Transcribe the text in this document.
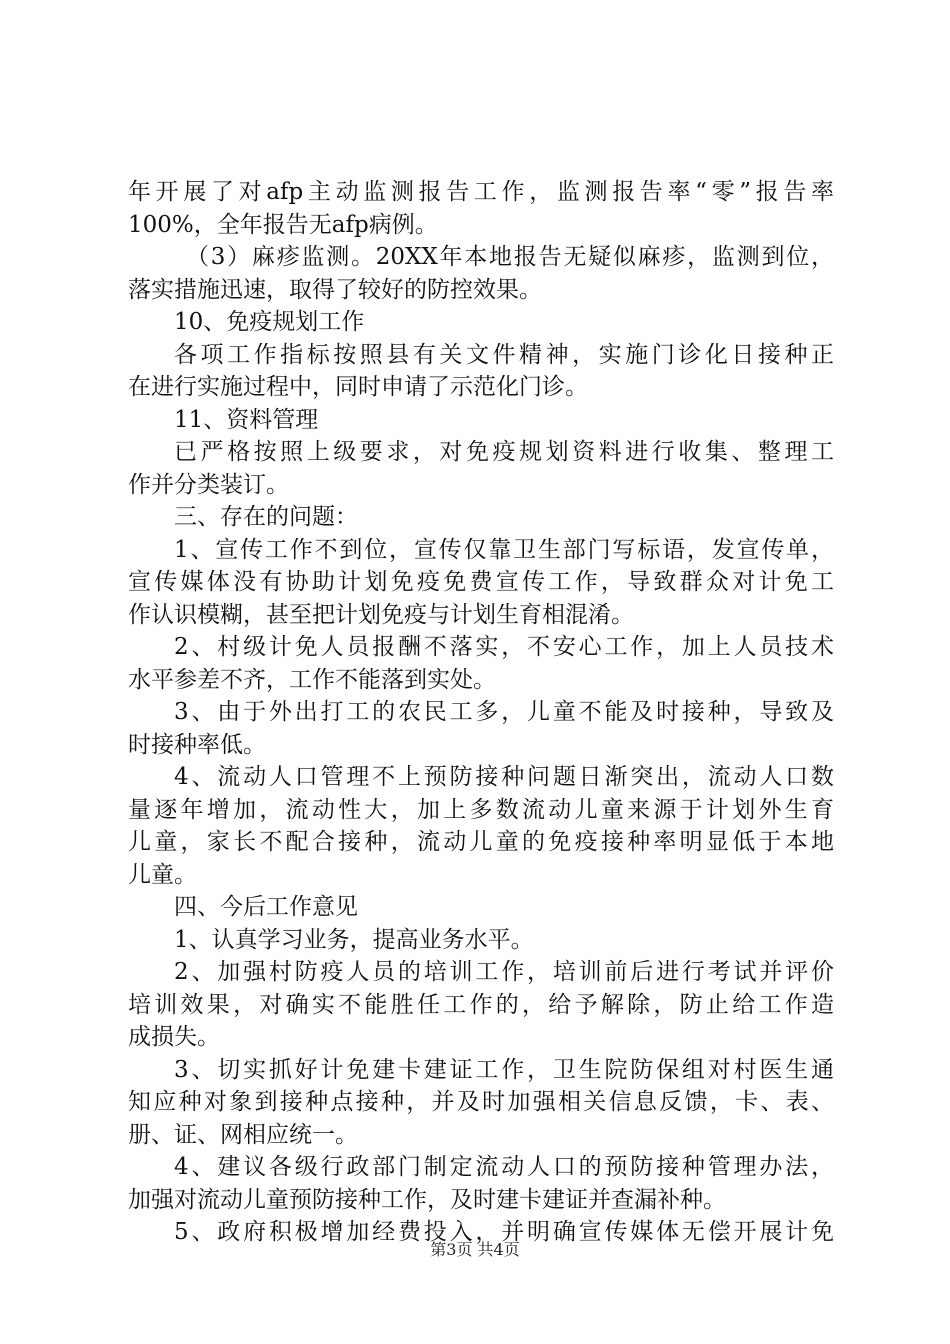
年开展了对afp主动监测报告工作，监测报告率“零”报告率
100%，全年报告无afp病例。
（3）麻疹监测。20XX年本地报告无疑似麻疹，监测到位，
落实措施迅速，取得了较好的防控效果。
10、免疫规划工作
各项工作指标按照县有关文件精神，实施门诊化日接种正
在进行实施过程中，同时申请了示范化门诊。
11、资料管理
已严格按照上级要求，对免疫规划资料进行收集、整理工
作并分类装订。
三、存在的问题：
1、宣传工作不到位，宣传仅靠卫生部门写标语，发宣传单，
宣传媒体没有协助计划免疫免费宣传工作，导致群众对计免工
作认识模糊，甚至把计划免疫与计划生育相混淆。
2、村级计免人员报酬不落实，不安心工作，加上人员技术
水平参差不齐，工作不能落到实处。
3、由于外出打工的农民工多，儿童不能及时接种，导致及
时接种率低。
4、流动人口管理不上预防接种问题日渐突出，流动人口数
量逐年增加，流动性大，加上多数流动儿童来源于计划外生育
儿童，家长不配合接种，流动儿童的免疫接种率明显低于本地
儿童。
四、今后工作意见
1、认真学习业务，提高业务水平。
2、加强村防疫人员的培训工作，培训前后进行考试并评价
培训效果，对确实不能胜任工作的，给予解除，防止给工作造
成损失。
3、切实抓好计免建卡建证工作，卫生院防保组对村医生通
知应种对象到接种点接种，并及时加强相关信息反馈，卡、表、
册、证、网相应统一。
4、建议各级行政部门制定流动人口的预防接种管理办法，
加强对流动儿童预防接种工作，及时建卡建证并查漏补种。
5、政府积极增加经费投入，并明确宣传媒体无偿开展计免
第3页 共4页
